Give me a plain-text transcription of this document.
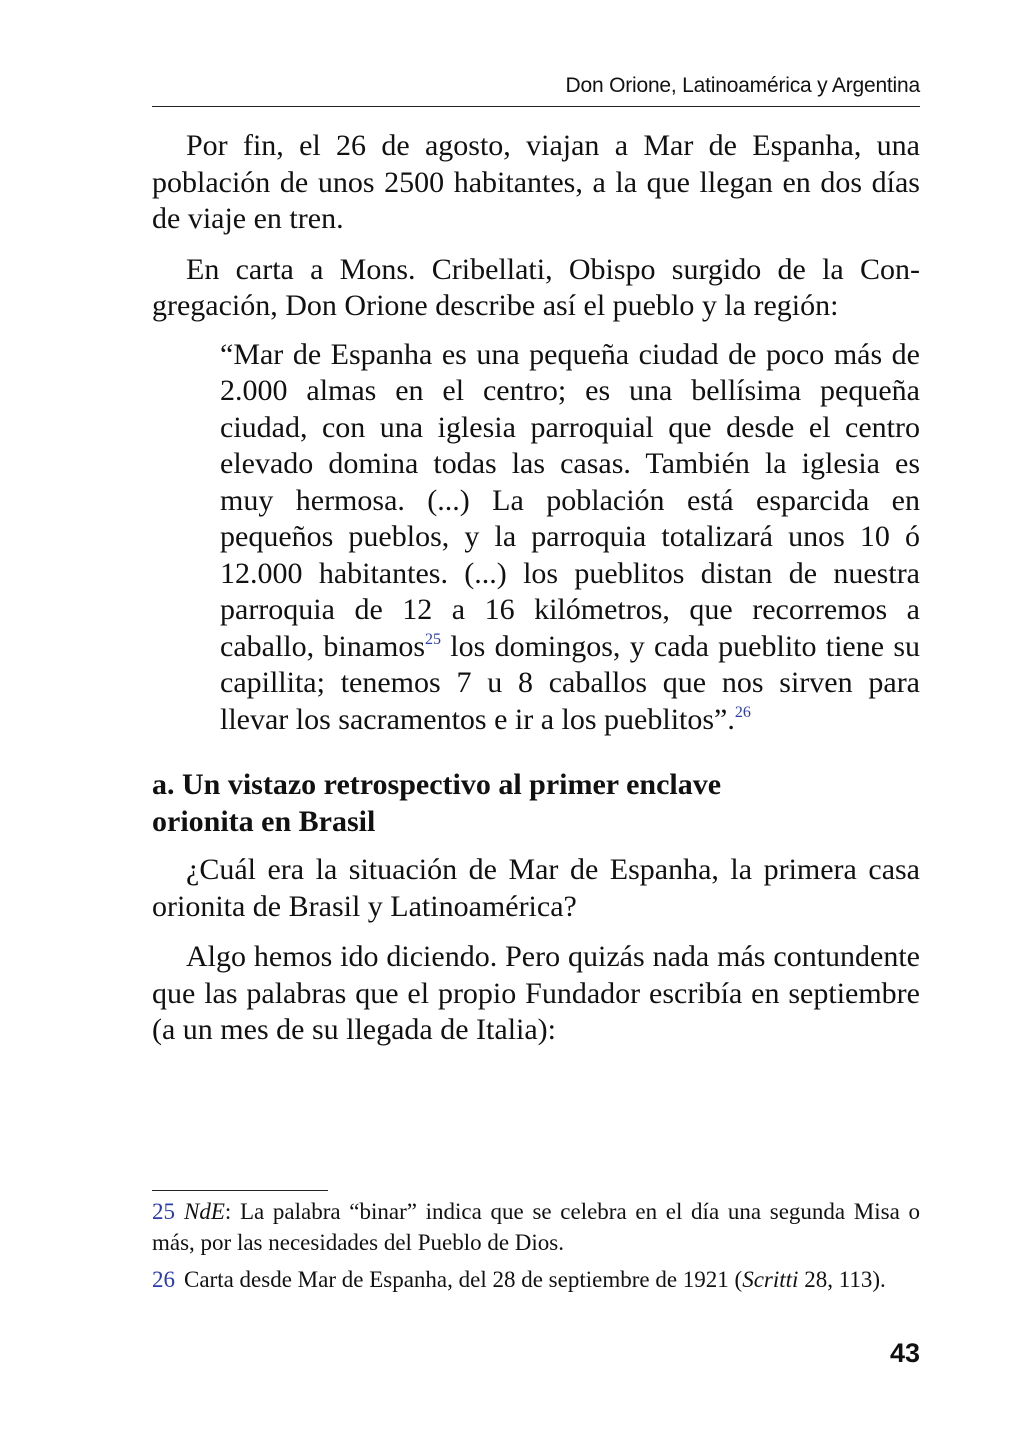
Don Orione, Latinoamérica y Argentina

Por fin, el 26 de agosto, viajan a Mar de Espanha, una población de unos 2500 habitantes, a la que llegan en dos días de viaje en tren.

En carta a Mons. Cribellati, Obispo surgido de la Congregación, Don Orione describe así el pueblo y la región:

“Mar de Espanha es una pequeña ciudad de poco más de 2.000 almas en el centro; es una bellísima pequeña ciudad, con una iglesia parroquial que desde el centro elevado domina todas las casas. También la iglesia es muy hermosa. (...) La población está esparcida en pequeños pueblos, y la parroquia totalizará unos 10 ó 12.000 habitantes. (...) los pueblitos distan de nuestra parroquia de 12 a 16 kilómetros, que recorremos a caballo, binamos$^{25}$ los domingos, y cada pueblito tiene su capillita; tenemos 7 u 8 caballos que nos sirven para llevar los sacramentos e ir a los pueblitos”.$^{26}$

a. Un vistazo retrospectivo al primer enclave
orionita en Brasil

¿Cuál era la situación de Mar de Espanha, la primera casa orionita de Brasil y Latinoamérica?

Algo hemos ido diciendo. Pero quizás nada más contundente que las palabras que el propio Fundador escribía en septiembre (a un mes de su llegada de Italia):

25 NdE: La palabra “binar” indica que se celebra en el día una segunda Misa o más, por las necesidades del Pueblo de Dios.

26 Carta desde Mar de Espanha, del 28 de septiembre de 1921 (Scritti 28, 113).

43
